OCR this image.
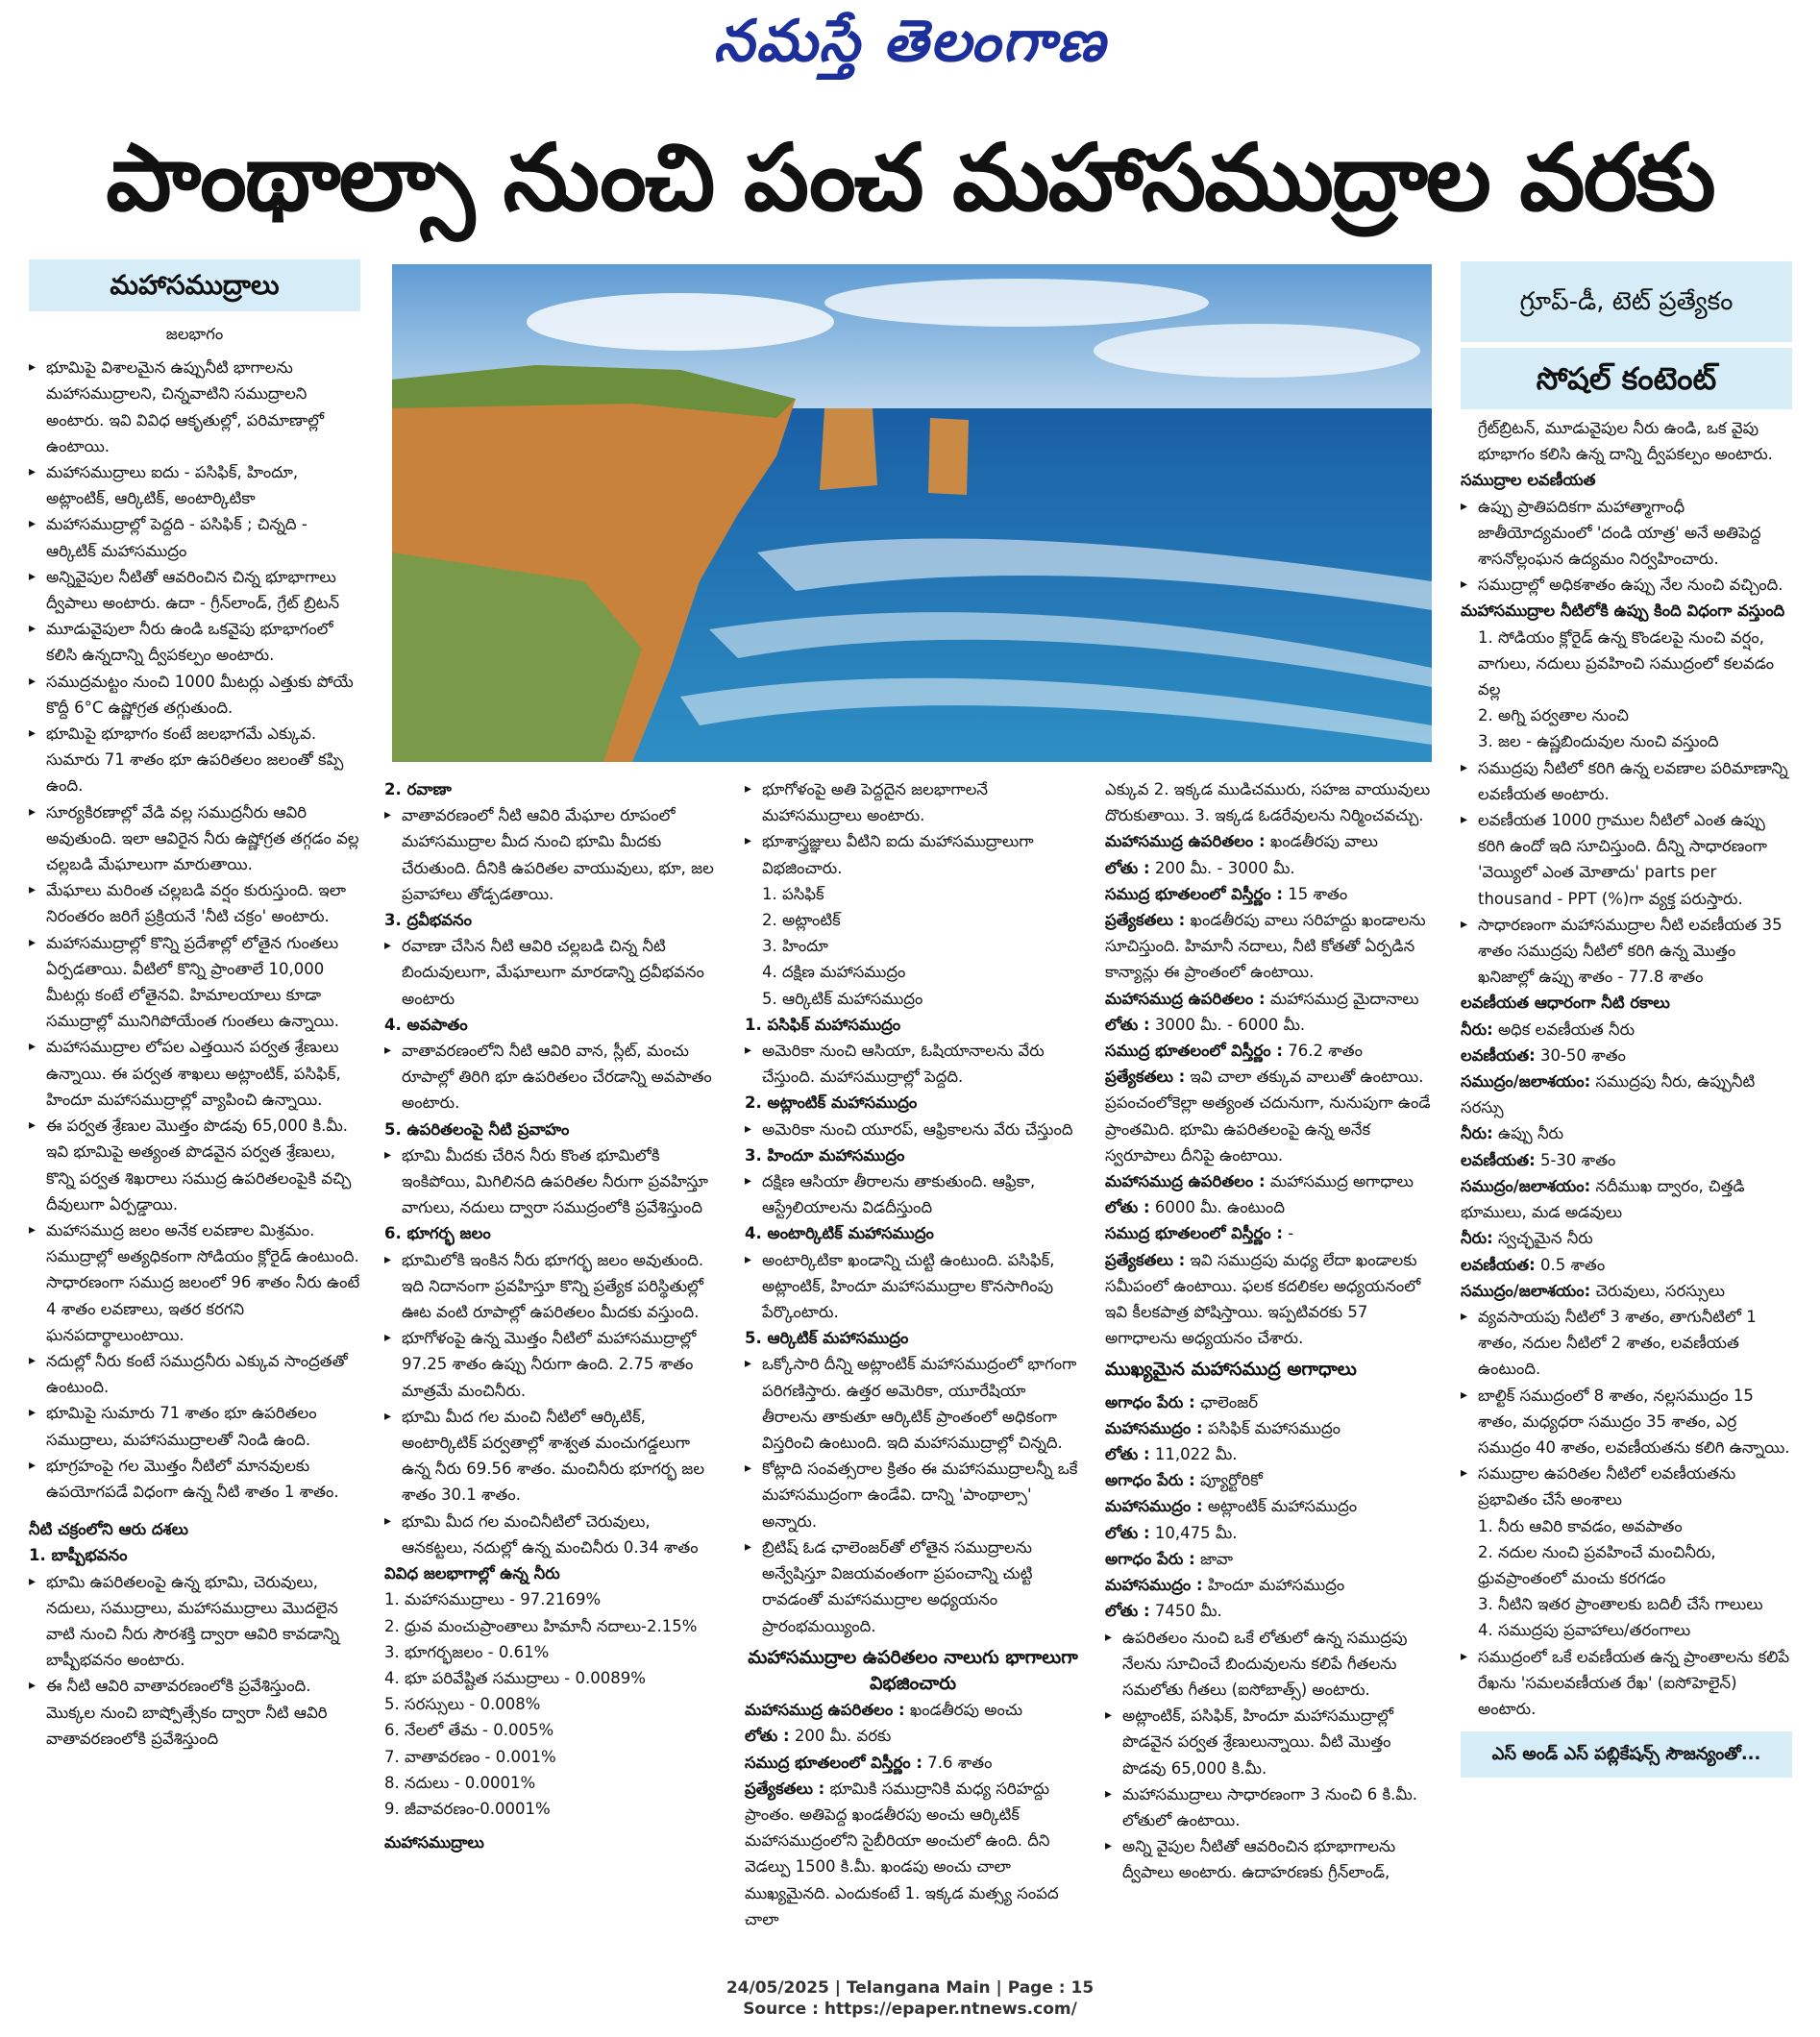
నమస్తే తెలంగాణ
పాంథాల్సా నుంచి పంచ మహాసముద్రాల వరకు
మహాసముద్రాలు

జలభాగం

▸ భూమిపై విశాలమైన ఉప్పునీటి భాగాలను మహాసముద్రాలని, చిన్నవాటిని సముద్రాలని అంటారు. ఇవి వివిధ ఆకృతుల్లో, పరిమాణాల్లో ఉంటాయి.

▸ మహాసముద్రాలు ఐదు - పసిఫిక్, హిందూ, అట్లాంటిక్, ఆర్కిటిక్, అంటార్కిటికా

▸ మహాసముద్రాల్లో పెద్దది - పసిఫిక్ ; చిన్నది - ఆర్కిటిక్ మహాసముద్రం

▸ అన్నివైపుల నీటితో ఆవరించిన చిన్న భూభాగాలు ద్వీపాలు అంటారు. ఉదా - గ్రీన్‌లాండ్, గ్రేట్ బ్రిటన్

▸ మూడువైపులా నీరు ఉండి ఒకవైపు భూభాగంలో కలిసి ఉన్నదాన్ని ద్వీపకల్పం అంటారు.

▸ సముద్రమట్టం నుంచి 1000 మీటర్లు ఎత్తుకు పోయే కొద్దీ 6°C ఉష్ణోగ్రత తగ్గుతుంది.

▸ భూమిపై భూభాగం కంటే జలభాగమే ఎక్కువ. సుమారు 71 శాతం భూ ఉపరితలం జలంతో కప్పి ఉంది.

▸ సూర్యకిరణాల్లో వేడి వల్ల సముద్రనీరు ఆవిరి అవుతుంది. ఇలా ఆవిరైన నీరు ఉష్ణోగ్రత తగ్గడం వల్ల చల్లబడి మేఘాలుగా మారుతాయి.

▸ మేఘాలు మరింత చల్లబడి వర్షం కురుస్తుంది. ఇలా నిరంతరం జరిగే ప్రక్రియనే 'నీటి చక్రం' అంటారు.

▸ మహాసముద్రాల్లో కొన్ని ప్రదేశాల్లో లోతైన గుంతలు ఏర్పడతాయి. వీటిలో కొన్ని ప్రాంతాలే 10,000 మీటర్లు కంటే లోతైనవి. హిమాలయాలు కూడా సముద్రాల్లో మునిగిపోయేంత గుంతలు ఉన్నాయి.

▸ మహాసముద్రాల లోపల ఎత్తయిన పర్వత శ్రేణులు ఉన్నాయి. ఈ పర్వత శాఖలు అట్లాంటిక్, పసిఫిక్, హిందూ మహాసముద్రాల్లో వ్యాపించి ఉన్నాయి.

▸ ఈ పర్వత శ్రేణుల మొత్తం పొడవు 65,000 కి.మీ. ఇవి భూమిపై అత్యంత పొడవైన పర్వత శ్రేణులు, కొన్ని పర్వత శిఖరాలు సముద్ర ఉపరితలంపైకి వచ్చి దీవులుగా ఏర్పడ్డాయి.

▸ మహాసముద్ర జలం అనేక లవణాల మిశ్రమం. సముద్రాల్లో అత్యధికంగా సోడియం క్లోరైడ్ ఉంటుంది. సాధారణంగా సముద్ర జలంలో 96 శాతం నీరు ఉంటే 4 శాతం లవణాలు, ఇతర కరగని ఘనపదార్థాలుంటాయి.

▸ నదుల్లో నీరు కంటే సముద్రనీరు ఎక్కువ సాంద్రతతో ఉంటుంది.

▸ భూమిపై సుమారు 71 శాతం భూ ఉపరితలం సముద్రాలు, మహాసముద్రాలతో నిండి ఉంది.

▸ భూగ్రహంపై గల మొత్తం నీటిలో మానవులకు ఉపయోగపడే విధంగా ఉన్న నీటి శాతం 1 శాతం.

నీటి చక్రంలోని ఆరు దశలు

1. బాష్పీభవనం

▸ భూమి ఉపరితలంపై ఉన్న భూమి, చెరువులు, నదులు, సముద్రాలు, మహాసముద్రాలు మొదలైన వాటి నుంచి నీరు సౌరశక్తి ద్వారా ఆవిరి కావడాన్ని బాష్పీభవనం అంటారు.

▸ ఈ నీటి ఆవిరి వాతావరణంలోకి ప్రవేశిస్తుంది. మొక్కల నుంచి బాష్పోత్సేకం ద్వారా నీటి ఆవిరి వాతావరణంలోకి ప్రవేశిస్తుంది

2. రవాణా

▸ వాతావరణంలో నీటి ఆవిరి మేఘాల రూపంలో మహాసముద్రాల మీద నుంచి భూమి మీదకు చేరుతుంది. దీనికి ఉపరితల వాయువులు, భూ, జల ప్రవాహాలు తోడ్పడతాయి.

3. ద్రవీభవనం

▸ రవాణా చేసిన నీటి ఆవిరి చల్లబడి చిన్న నీటి బిందువులుగా, మేఘాలుగా మారడాన్ని ద్రవీభవనం అంటారు

4. అవపాతం

▸ వాతావరణంలోని నీటి ఆవిరి వాన, స్లీట్, మంచు రూపాల్లో తిరిగి భూ ఉపరితలం చేరడాన్ని అవపాతం అంటారు.

5. ఉపరితలంపై నీటి ప్రవాహం

▸ భూమి మీదకు చేరిన నీరు కొంత భూమిలోకి ఇంకిపోయి, మిగిలినది ఉపరితల నీరుగా ప్రవహిస్తూ వాగులు, నదులు ద్వారా సముద్రంలోకి ప్రవేశిస్తుంది

6. భూగర్భ జలం

▸ భూమిలోకి ఇంకిన నీరు భూగర్భ జలం అవుతుంది. ఇది నిదానంగా ప్రవహిస్తూ కొన్ని ప్రత్యేక పరిస్థితుల్లో ఊట వంటి రూపాల్లో ఉపరితలం మీదకు వస్తుంది.

▸ భూగోళంపై ఉన్న మొత్తం నీటిలో మహాసముద్రాల్లో 97.25 శాతం ఉప్పు నీరుగా ఉంది. 2.75 శాతం మాత్రమే మంచినీరు.

▸ భూమి మీద గల మంచి నీటిలో ఆర్కిటిక్, అంటార్కిటిక్ పర్వతాల్లో శాశ్వత మంచుగడ్డలుగా ఉన్న నీరు 69.56 శాతం. మంచినీరు భూగర్భ జల శాతం 30.1 శాతం.

▸ భూమి మీద గల మంచినీటిలో చెరువులు, ఆనకట్టలు, నదుల్లో ఉన్న మంచినీరు 0.34 శాతం

వివిధ జలభాగాల్లో ఉన్న నీరు

1. మహాసముద్రాలు - 97.2169%

2. ధ్రువ మంచుప్రాంతాలు హిమానీ నదాలు-2.15%

3. భూగర్భజలం - 0.61%

4. భూ పరివేష్టిత సముద్రాలు - 0.0089%

5. సరస్సులు - 0.008%

6. నేలలో తేమ - 0.005%

7. వాతావరణం - 0.001%

8. నదులు - 0.0001%

9. జీవావరణం-0.0001%

మహాసముద్రాలు

▸ భూగోళంపై అతి పెద్దదైన జలభాగాలనే మహాసముద్రాలు అంటారు.

▸ భూశాస్త్రజ్ఞులు వీటిని ఐదు మహాసముద్రాలుగా విభజించారు.

1. పసిఫిక్

2. అట్లాంటిక్

3. హిందూ

4. దక్షిణ మహాసముద్రం

5. ఆర్కిటిక్ మహాసముద్రం

1. పసిఫిక్ మహాసముద్రం

▸ అమెరికా నుంచి ఆసియా, ఓషియానాలను వేరు చేస్తుంది. మహాసముద్రాల్లో పెద్దది.

2. అట్లాంటిక్ మహాసముద్రం

▸ అమెరికా నుంచి యూరప్, ఆఫ్రికాలను వేరు చేస్తుంది

3. హిందూ మహాసముద్రం

▸ దక్షిణ ఆసియా తీరాలను తాకుతుంది. ఆఫ్రికా, ఆస్ట్రేలియాలను విడదీస్తుంది

4. అంటార్కిటిక్ మహాసముద్రం

▸ అంటార్కిటికా ఖండాన్ని చుట్టి ఉంటుంది. పసిఫిక్, అట్లాంటిక్, హిందూ మహాసముద్రాల కొనసాగింపు పేర్కొంటారు.

5. ఆర్కిటిక్ మహాసముద్రం

▸ ఒక్కోసారి దీన్ని అట్లాంటిక్ మహాసముద్రంలో భాగంగా పరిగణిస్తారు. ఉత్తర అమెరికా, యూరేషియా తీరాలను తాకుతూ ఆర్కిటిక్ ప్రాంతంలో అధికంగా విస్తరించి ఉంటుంది. ఇది మహాసముద్రాల్లో చిన్నది.

▸ కోట్లాది సంవత్సరాల క్రితం ఈ మహాసముద్రాలన్నీ ఒకే మహాసముద్రంగా ఉండేవి. దాన్ని 'పాంథాల్సా' అన్నారు.

▸ బ్రిటిష్ ఓడ ఛాలెంజర్‌తో లోతైన సముద్రాలను అన్వేషిస్తూ విజయవంతంగా ప్రపంచాన్ని చుట్టి రావడంతో మహాసముద్రాల అధ్యయనం ప్రారంభమయ్యింది.

మహాసముద్రాల ఉపరితలం నాలుగు భాగాలుగా విభజించారు

మహాసముద్ర ఉపరితలం : ఖండతీరపు అంచు

లోతు : 200 మీ. వరకు

సముద్ర భూతలంలో విస్తీర్ణం : 7.6 శాతం

ప్రత్యేకతలు : భూమికి సముద్రానికి మధ్య సరిహద్దు ప్రాంతం. అతిపెద్ద ఖండతీరపు అంచు ఆర్కిటిక్ మహాసముద్రంలోని సైబీరియా అంచులో ఉంది. దీని వెడల్పు 1500 కి.మీ. ఖండపు అంచు చాలా ముఖ్యమైనది. ఎందుకంటే 1. ఇక్కడ మత్స్య సంపద చాలా

ఎక్కువ 2. ఇక్కడ ముడిచమురు, సహజ వాయువులు దొరుకుతాయి. 3. ఇక్కడ ఓడరేవులను నిర్మించవచ్చు.

మహాసముద్ర ఉపరితలం : ఖండతీరపు వాలు

లోతు : 200 మీ. - 3000 మీ.

సముద్ర భూతలంలో విస్తీర్ణం : 15 శాతం

ప్రత్యేకతలు : ఖండతీరపు వాలు సరిహద్దు ఖండాలను సూచిస్తుంది. హిమానీ నదాలు, నీటి కోతతో ఏర్పడిన కాన్యాన్లు ఈ ప్రాంతంలో ఉంటాయి.

మహాసముద్ర ఉపరితలం : మహాసముద్ర మైదానాలు

లోతు : 3000 మీ. - 6000 మీ.

సముద్ర భూతలంలో విస్తీర్ణం : 76.2 శాతం

ప్రత్యేకతలు : ఇవి చాలా తక్కువ వాలుతో ఉంటాయి. ప్రపంచంలోకెల్లా అత్యంత చదునుగా, నునుపుగా ఉండే ప్రాంతమిది. భూమి ఉపరితలంపై ఉన్న అనేక స్వరూపాలు దీనిపై ఉంటాయి.

మహాసముద్ర ఉపరితలం : మహాసముద్ర అగాధాలు

లోతు : 6000 మీ. ఉంటుంది

సముద్ర భూతలంలో విస్తీర్ణం : -

ప్రత్యేకతలు : ఇవి సముద్రపు మధ్య లేదా ఖండాలకు సమీపంలో ఉంటాయి. ఫలక కదలికల అధ్యయనంలో ఇవి కీలకపాత్ర పోషిస్తాయి. ఇప్పటివరకు 57 అగాధాలను అధ్యయనం చేశారు.

ముఖ్యమైన మహాసముద్ర అగాధాలు

అగాధం పేరు : ఛాలెంజర్

మహాసముద్రం : పసిఫిక్ మహాసముద్రం

లోతు : 11,022 మీ.

అగాధం పేరు : ప్యూర్టోరికో

మహాసముద్రం : అట్లాంటిక్ మహాసముద్రం

లోతు : 10,475 మీ.

అగాధం పేరు : జావా

మహాసముద్రం : హిందూ మహాసముద్రం

లోతు : 7450 మీ.

▸ ఉపరితలం నుంచి ఒకే లోతులో ఉన్న సముద్రపు నేలను సూచించే బిందువులను కలిపే గీతలను సమలోతు గీతలు (ఐసోబాత్స్) అంటారు.

▸ అట్లాంటిక్, పసిఫిక్, హిందూ మహాసముద్రాల్లో పొడవైన పర్వత శ్రేణులున్నాయి. వీటి మొత్తం పొడవు 65,000 కి.మీ.

▸ మహాసముద్రాలు సాధారణంగా 3 నుంచి 6 కి.మీ. లోతులో ఉంటాయి.

▸ అన్ని వైపుల నీటితో ఆవరించిన భూభాగాలను ద్వీపాలు అంటారు. ఉదాహరణకు గ్రీన్‌లాండ్,

గ్రూప్-డీ, టెట్ ప్రత్యేకం
సోషల్ కంటెంట్

గ్రేట్‌బ్రిటన్, మూడువైపుల నీరు ఉండి, ఒక వైపు భూభాగం కలిసి ఉన్న దాన్ని ద్వీపకల్పం అంటారు.

సముద్రాల లవణీయత

▸ ఉప్పు ప్రాతిపదికగా మహాత్మాగాంధీ జాతీయోద్యమంలో 'దండి యాత్ర' అనే అతిపెద్ద శాసనోల్లంఘన ఉద్యమం నిర్వహించారు.

▸ సముద్రాల్లో అధికశాతం ఉప్పు నేల నుంచి వచ్చింది.

మహాసముద్రాల నీటిలోకి ఉప్పు కింది విధంగా వస్తుంది

1. సోడియం క్లోరైడ్ ఉన్న కొండలపై నుంచి వర్షం, వాగులు, నదులు ప్రవహించి సముద్రంలో కలవడం వల్ల

2. అగ్ని పర్వతాల నుంచి

3. జల - ఉష్ణబిందువుల నుంచి వస్తుంది

▸ సముద్రపు నీటిలో కరిగి ఉన్న లవణాల పరిమాణాన్ని లవణీయత అంటారు.

▸ లవణీయత 1000 గ్రాముల నీటిలో ఎంత ఉప్పు కరిగి ఉందో ఇది సూచిస్తుంది. దీన్ని సాధారణంగా 'వెయ్యిలో ఎంత మోతాదు' parts per thousand - PPT (%)గా వ్యక్త పరుస్తారు.

▸ సాధారణంగా మహాసముద్రాల నీటి లవణీయత 35 శాతం సముద్రపు నీటిలో కరిగి ఉన్న మొత్తం ఖనిజాల్లో ఉప్పు శాతం - 77.8 శాతం

లవణీయత ఆధారంగా నీటి రకాలు

నీరు: అధిక లవణీయత నీరు

లవణీయత: 30-50 శాతం

సముద్రం/జలాశయం: సముద్రపు నీరు, ఉప్పునీటి సరస్సు

నీరు: ఉప్పు నీరు

లవణీయత: 5-30 శాతం

సముద్రం/జలాశయం: నదీముఖ ద్వారం, చిత్తడి భూములు, మడ అడవులు

నీరు: స్వచ్ఛమైన నీరు

లవణీయత: 0.5 శాతం

సముద్రం/జలాశయం: చెరువులు, సరస్సులు

▸ వ్యవసాయపు నీటిలో 3 శాతం, తాగునీటిలో 1 శాతం, నదుల నీటిలో 2 శాతం, లవణీయత ఉంటుంది.

▸ బాల్టిక్ సముద్రంలో 8 శాతం, నల్లసముద్రం 15 శాతం, మధ్యధరా సముద్రం 35 శాతం, ఎర్ర సముద్రం 40 శాతం, లవణీయతను కలిగి ఉన్నాయి.

▸ సముద్రాల ఉపరితల నీటిలో లవణీయతను ప్రభావితం చేసే అంశాలు

1. నీరు ఆవిరి కావడం, అవపాతం

2. నదుల నుంచి ప్రవహించే మంచినీరు, ధ్రువప్రాంతంలో మంచు కరగడం

3. నీటిని ఇతర ప్రాంతాలకు బదిలీ చేసే గాలులు

4. సముద్రపు ప్రవాహాలు/తరంగాలు

▸ సముద్రంలో ఒకే లవణీయత ఉన్న ప్రాంతాలను కలిపే రేఖను 'సమలవణీయత రేఖ' (ఐసోహెలైన్) అంటారు.

ఎస్ అండ్ ఎస్ పబ్లికేషన్స్ సౌజన్యంతో...
24/05/2025 | Telangana Main | Page : 15
Source : https://epaper.ntnews.com/
